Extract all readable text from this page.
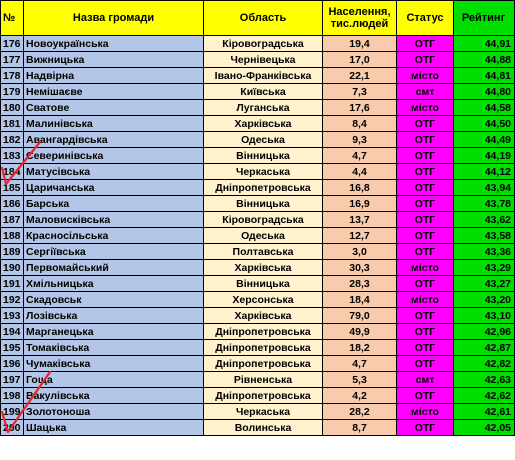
№	Назва громади	Область	Населення, тис.людей	Статус	Рейтинг
176	Новоукраїнська	Кіровоградська	19,4	ОТГ	44,91
177	Вижницька	Чернівецька	17,0	ОТГ	44,88
178	Надвірна	Івано-Франківська	22,1	місто	44,81
179	Немішаєве	Київська	7,3	смт	44,80
180	Сватове	Луганська	17,6	місто	44,58
181	Малинівська	Харківська	8,4	ОТГ	44,50
182	Авангардівська	Одеська	9,3	ОТГ	44,49
183	Северинівська	Вінницька	4,7	ОТГ	44,19
184	Матусівська	Черкаська	4,4	ОТГ	44,12
185	Царичанська	Дніпропетровська	16,8	ОТГ	43,94
186	Барська	Вінницька	16,9	ОТГ	43,78
187	Маловисківська	Кіровоградська	13,7	ОТГ	43,62
188	Красносільська	Одеська	12,7	ОТГ	43,58
189	Сергіївська	Полтавська	3,0	ОТГ	43,36
190	Первомайський	Харківська	30,3	місто	43,29
191	Хмільницька	Вінницька	28,3	ОТГ	43,27
192	Скадовськ	Херсонська	18,4	місто	43,20
193	Лозівська	Харківська	79,0	ОТГ	43,10
194	Марганецька	Дніпропетровська	49,9	ОТГ	42,96
195	Томаківська	Дніпропетровська	18,2	ОТГ	42,87
196	Чумаківська	Дніпропетровська	4,7	ОТГ	42,82
197	Гоща	Рівненська	5,3	смт	42,63
198	Вакулівська	Дніпропетровська	4,2	ОТГ	42,62
199	Золотоноша	Черкаська	28,2	місто	42,61
200	Шацька	Волинська	8,7	ОТГ	42,05
